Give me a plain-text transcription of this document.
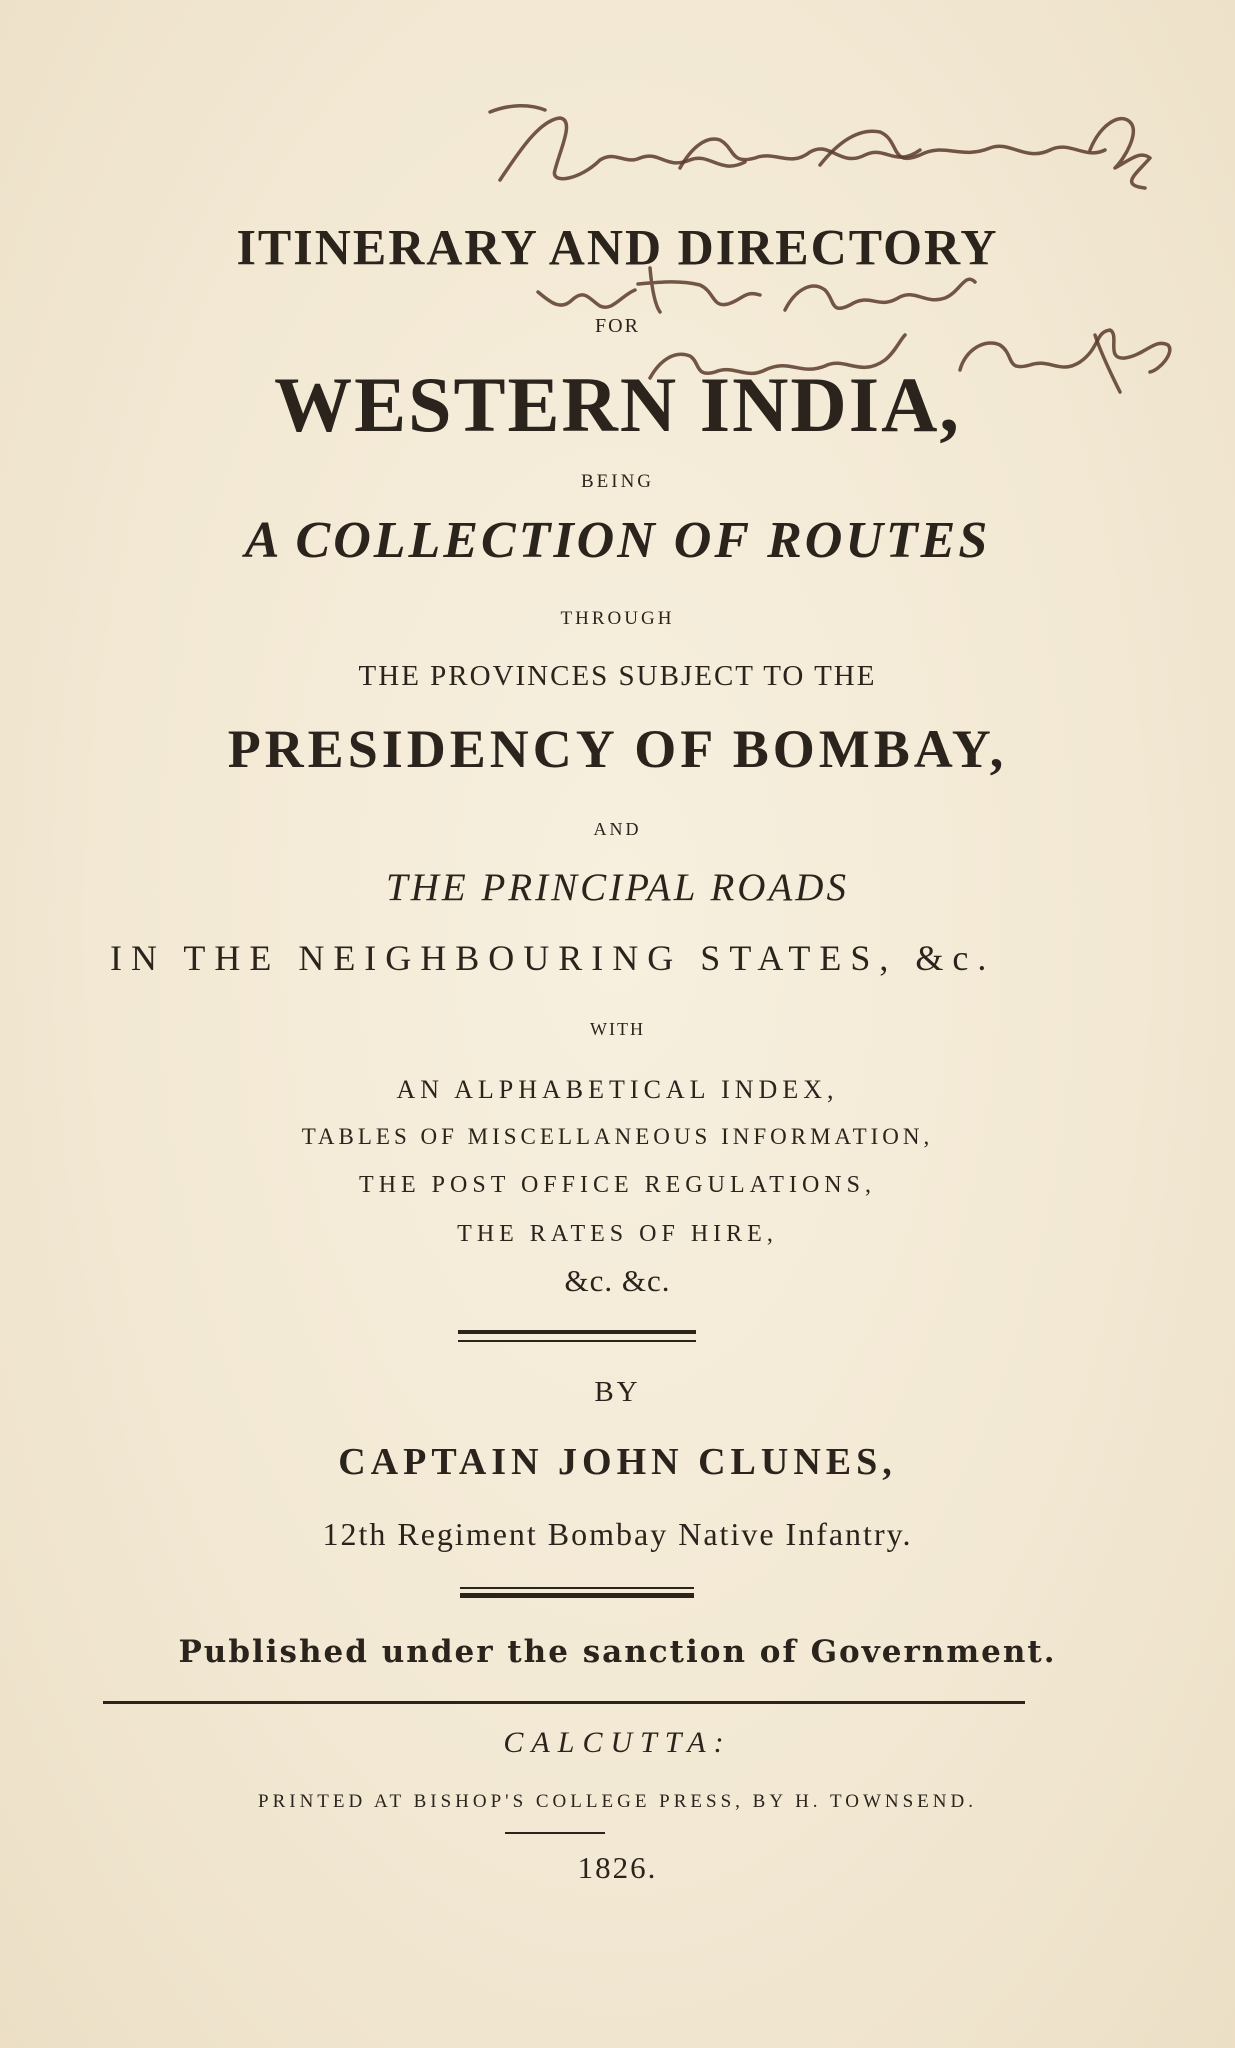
ITINERARY AND DIRECTORY
FOR
WESTERN INDIA,
BEING
A COLLECTION OF ROUTES
THROUGH
THE PROVINCES SUBJECT TO THE
PRESIDENCY OF BOMBAY,
AND
THE PRINCIPAL ROADS
IN THE NEIGHBOURING STATES, &c.
WITH
AN ALPHABETICAL INDEX,
TABLES OF MISCELLANEOUS INFORMATION,
THE POST OFFICE REGULATIONS,
THE RATES OF HIRE,
&c. &c.
BY
CAPTAIN JOHN CLUNES,
12th Regiment Bombay Native Infantry.
Published under the sanction of Government.
CALCUTTA:
PRINTED AT BISHOP'S COLLEGE PRESS, BY H. TOWNSEND.
1826.
